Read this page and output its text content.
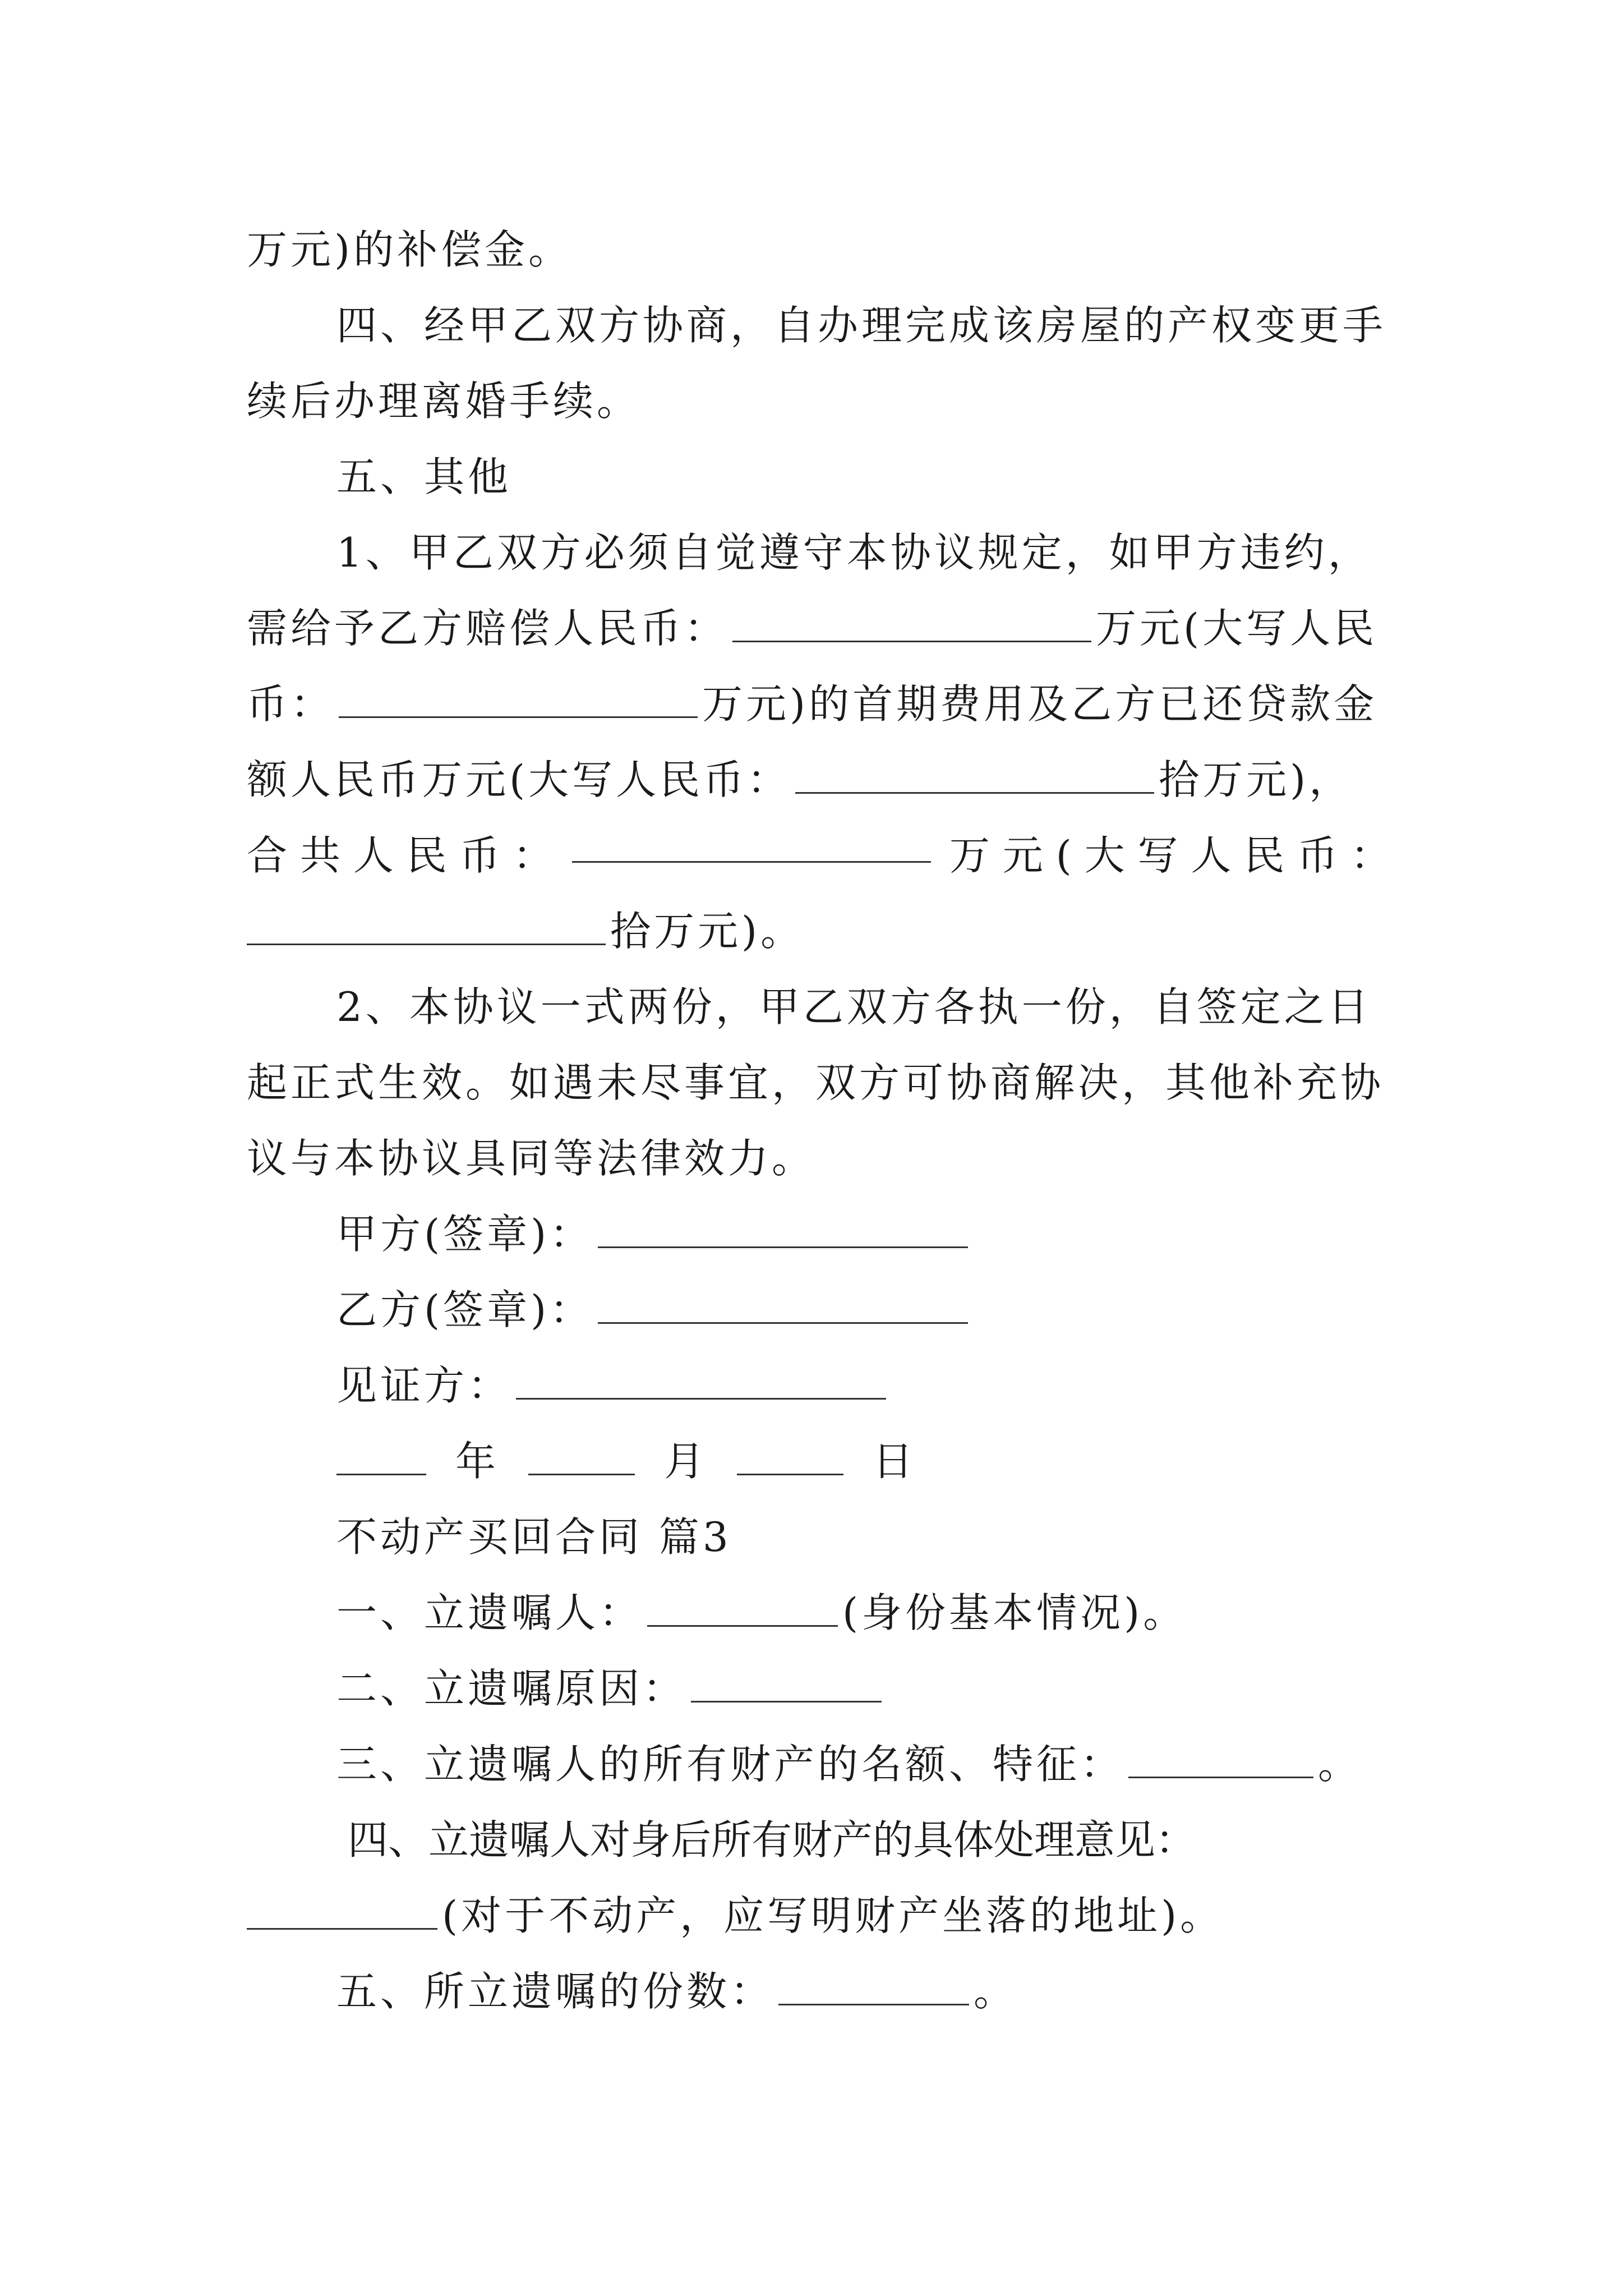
万元)的补偿金。
四、经甲乙双方协商，自办理完成该房屋的产权变更手
续后办理离婚手续。
五、其他
1、甲乙双方必须自觉遵守本协议规定，如甲方违约，
需给予乙方赔偿人民币：	万元(大写人民
币：	万元)的首期费用及乙方已还贷款金
额人民币万元(大写人民币：	拾万元)，
合 共 人 民 币 ：	万 元 ( 大 写 人 民 币 ：
拾万元)。
2、本协议一式两份，甲乙双方各执一份，自签定之日
起正式生效。如遇未尽事宜，双方可协商解决，其他补充协
议与本协议具同等法律效力。
甲方(签章)：
乙方(签章)：
见证方：
年	月	日
不动产买回合同 篇3
一、立遗嘱人：	(身份基本情况)。
二、立遗嘱原因：
三、立遗嘱人的所有财产的名额、特征：	。
四、立遗嘱人对身后所有财产的具体处理意见：
(对于不动产，应写明财产坐落的地址)。
五、所立遗嘱的份数：	。
